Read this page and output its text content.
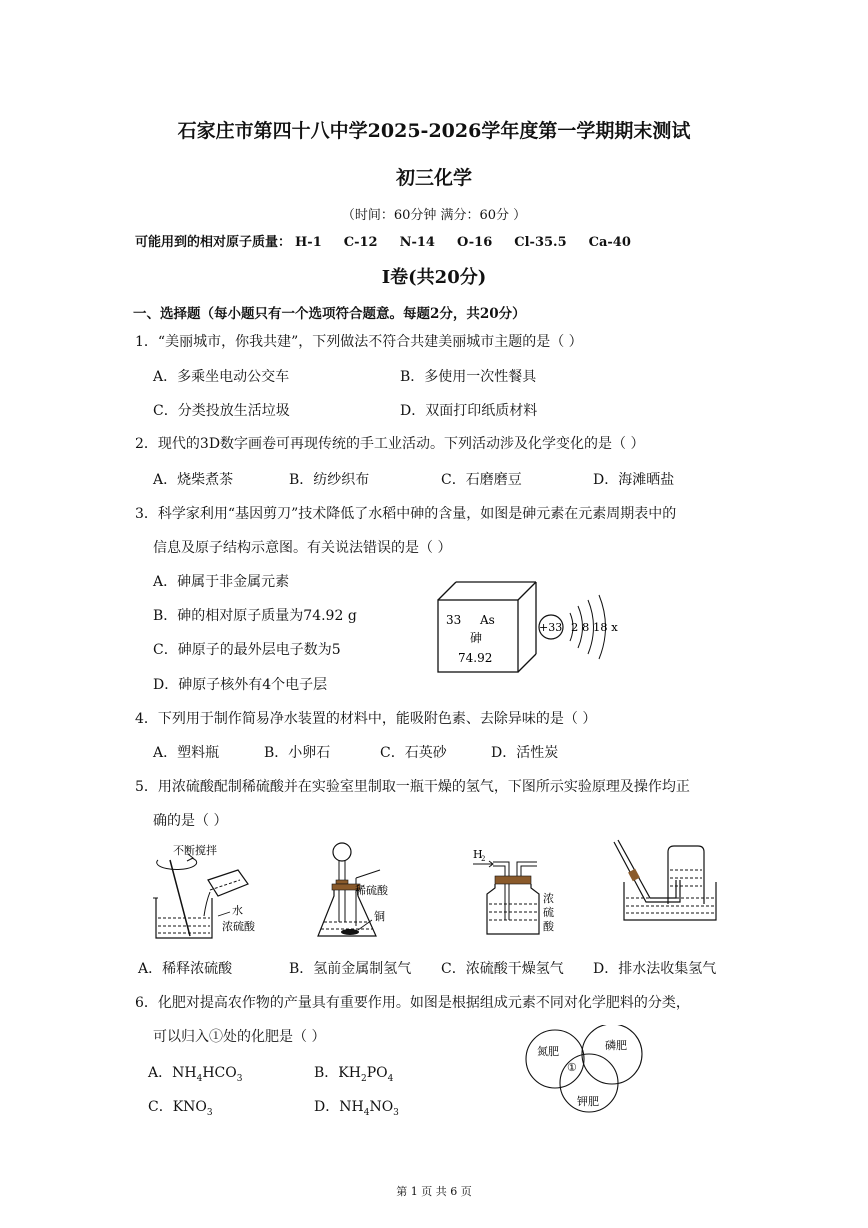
石家庄市第四十八中学2025-2026学年度第一学期期末测试
初三化学
（时间：60分钟 满分：60分 ）
可能用到的相对原子质量： H-1 C-12 N-14 O-16 Cl-35.5 Ca-40
I卷(共20分)
一、选择题（每小题只有一个选项符合题意。每题2分，共20分）
1．“美丽城市，你我共建”，下列做法不符合共建美丽城市主题的是（ ）
A．多乘坐电动公交车	B．多使用一次性餐具
C．分类投放生活垃圾	D．双面打印纸质材料
2．现代的3D数字画卷可再现传统的手工业活动。下列活动涉及化学变化的是（ ）
A．烧柴煮茶	B．纺纱织布	C．石磨磨豆	D．海滩晒盐
3．科学家利用“基因剪刀”技术降低了水稻中砷的含量，如图是砷元素在元素周期表中的
信息及原子结构示意图。有关说法错误的是（ ）
A．砷属于非金属元素
B．砷的相对原子质量为74.92 g
C．砷原子的最外层电子数为5
D．砷原子核外有4个电子层
33 As
砷
74.92
+33 2 8 18 x
4．下列用于制作简易净水装置的材料中，能吸附色素、去除异味的是（ ）
A．塑料瓶	B．小卵石	C．石英砂	D．活性炭
5．用浓硫酸配制稀硫酸并在实验室里制取一瓶干燥的氢气，下图所示实验原理及操作均正
确的是（ ）
不断搅拌
水
浓硫酸
稀硫酸
铜
H
2
浓
硫
酸
A．稀释浓硫酸	B．氢前金属制氢气 C．浓硫酸干燥氢气 D．排水法收集氢气
6．化肥对提高农作物的产量具有重要作用。如图是根据组成元素不同对化学肥料的分类，
可以归入①处的化肥是（ ）
A．$NH_4HCO_3$	B．$KH_2PO_4$
C．$KNO_3$	D．$NH_4NO_3$
氮肥	磷肥
①
钾肥
第 1 页 共 6 页
